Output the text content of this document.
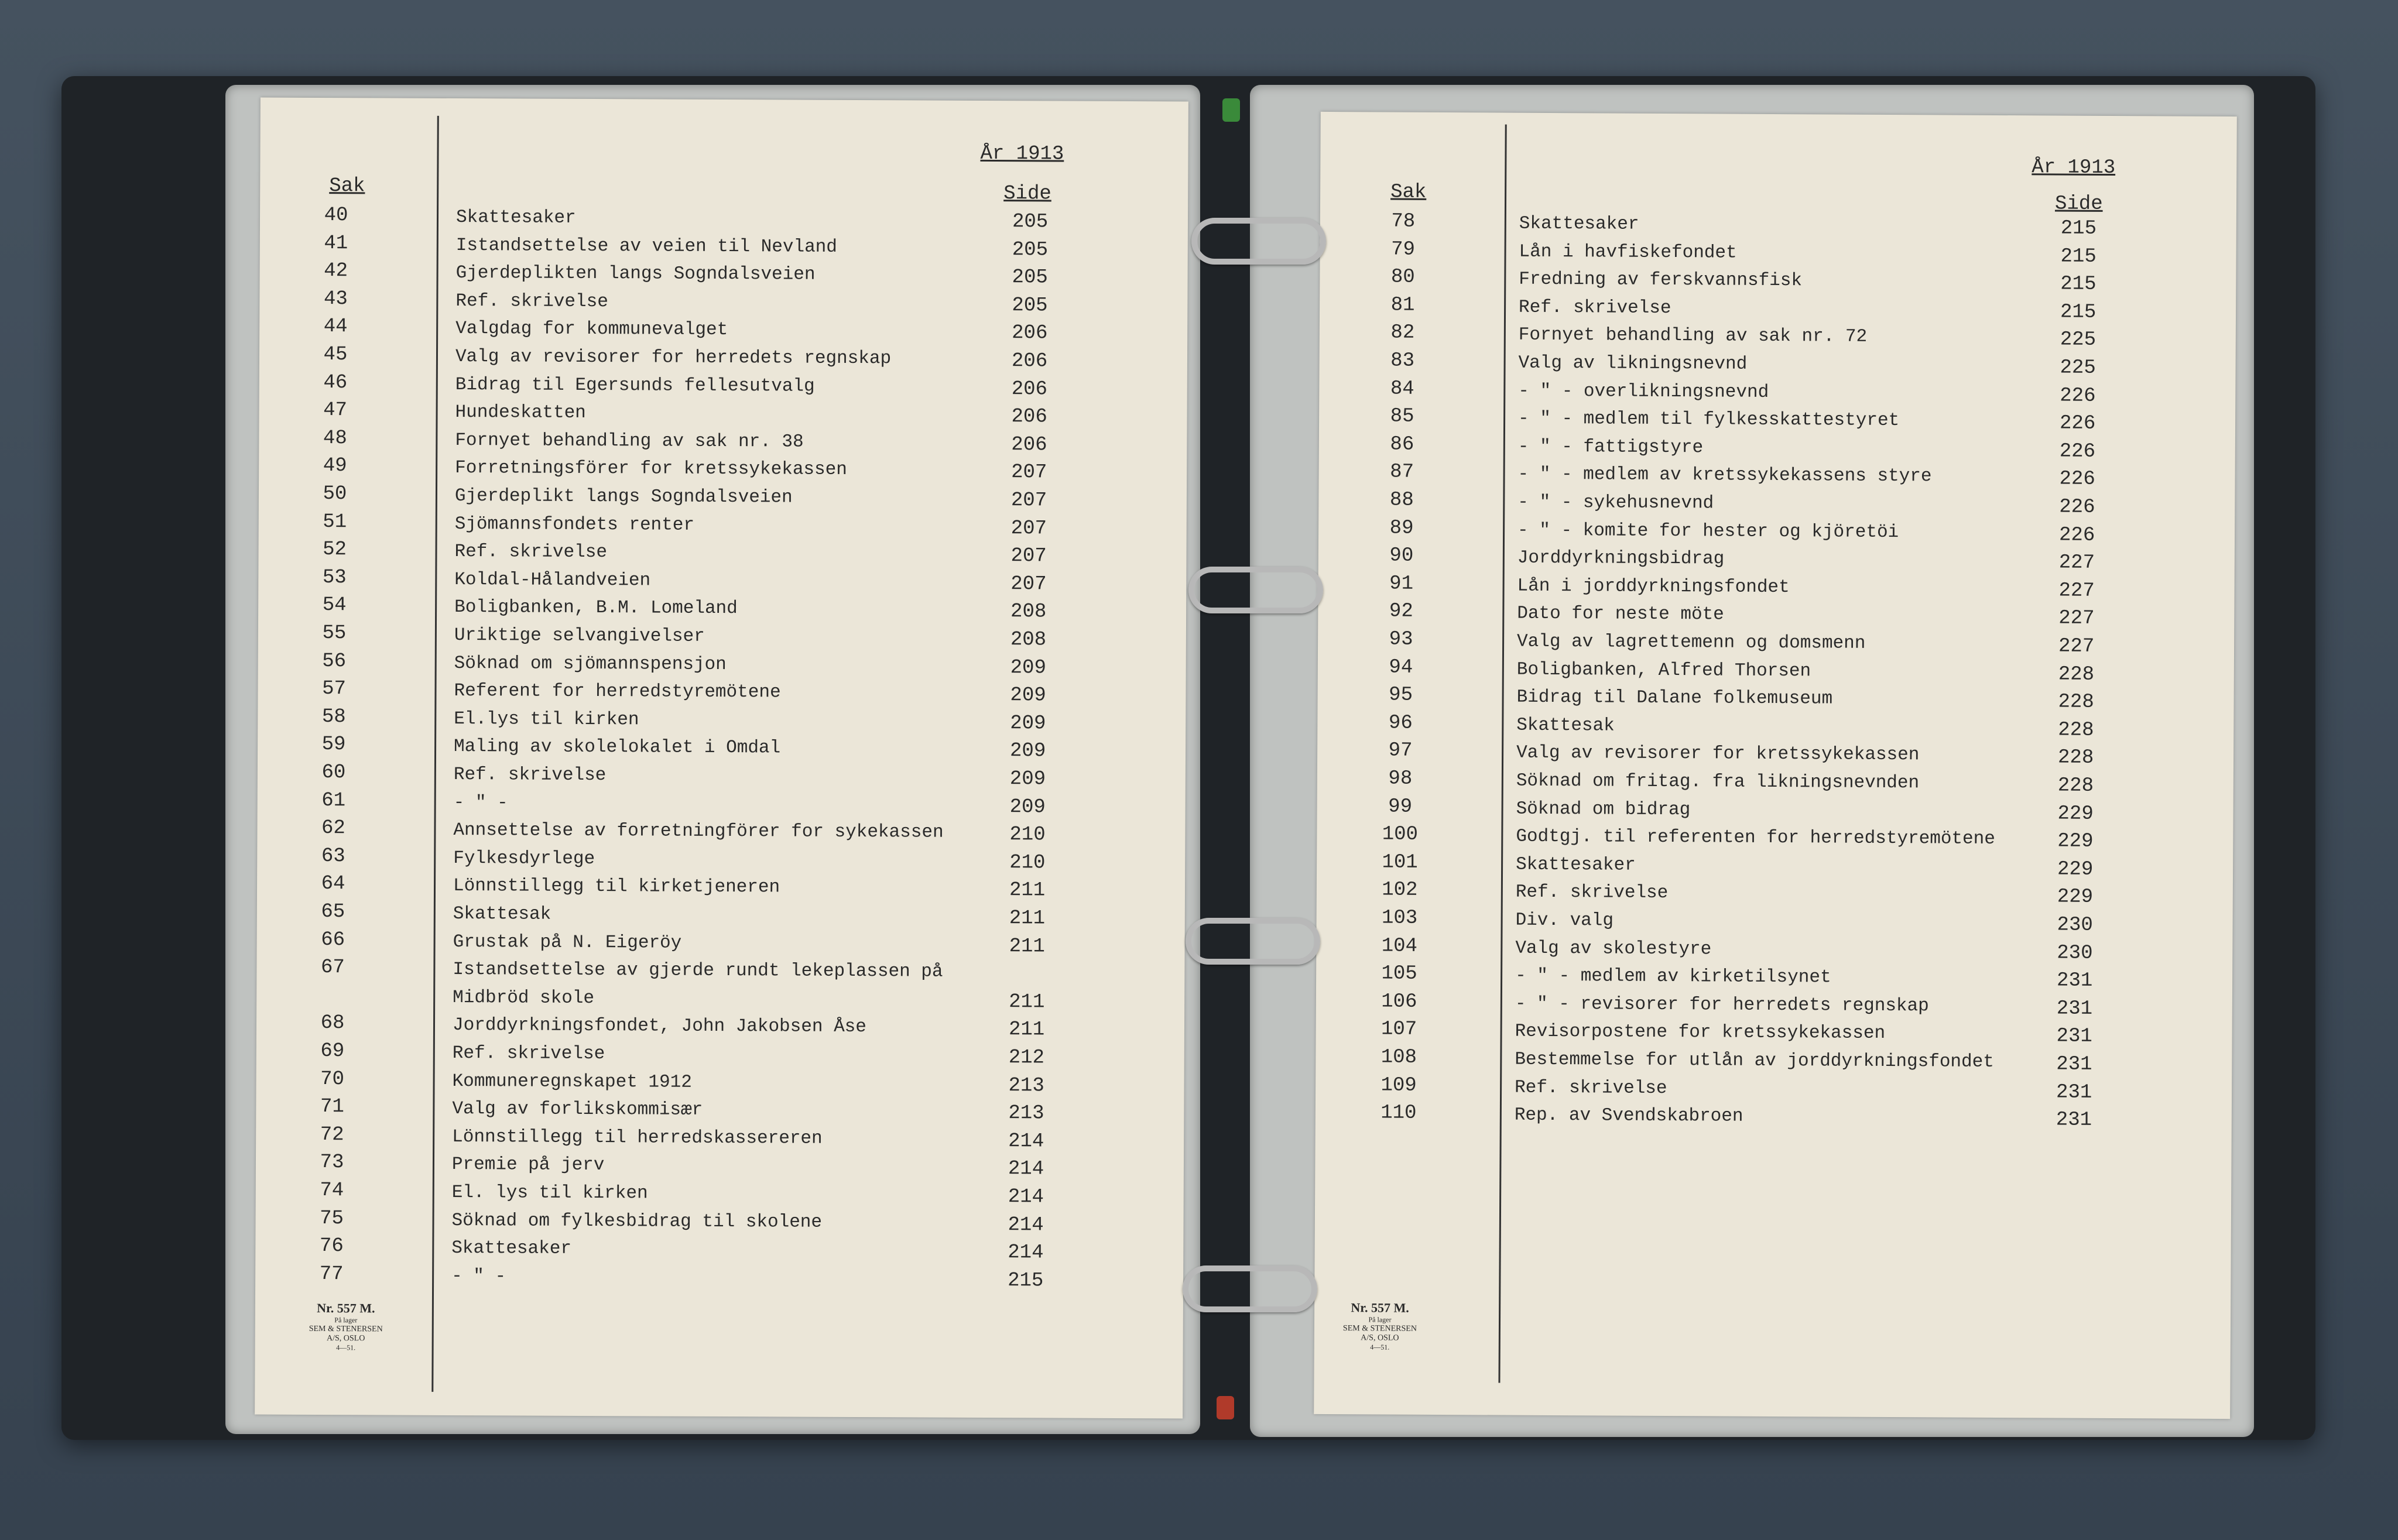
År 1913
Sak	Side
40	Skattesaker	205
41	Istandsettelse av veien til Nevland	205
42	Gjerdeplikten langs Sogndalsveien	205
43	Ref. skrivelse	205
44	Valgdag for kommunevalget	206
45	Valg av revisorer for herredets regnskap	206
46	Bidrag til Egersunds fellesutvalg	206
47	Hundeskatten	206
48	Fornyet behandling av sak nr. 38	206
49	Forretningsförer for kretssykekassen	207
50	Gjerdeplikt langs Sogndalsveien	207
51	Sjömannsfondets renter	207
52	Ref. skrivelse	207
53	Koldal-Hålandveien	207
54	Boligbanken, B.M. Lomeland	208
55	Uriktige selvangivelser	208
56	Söknad om sjömannspensjon	209
57	Referent for herredstyremötene	209
58	El.lys til kirken	209
59	Maling av skolelokalet i Omdal	209
60	Ref. skrivelse	209
61	- " -	209
62	Annsettelse av forretningförer for sykekassen	210
63	Fylkesdyrlege	210
64	Lönnstillegg til kirketjeneren	211
65	Skattesak	211
66	Grustak på N. Eigeröy	211
67	Istandsettelse av gjerde rundt lekeplassen på
Midbröd skole	211
68	Jorddyrkningsfondet, John Jakobsen Åse	211
69	Ref. skrivelse	212
70	Kommuneregnskapet 1912	213
71	Valg av forlikskommisær	213
72	Lönnstillegg til herredskassereren	214
73	Premie på jerv	214
74	El. lys til kirken	214
75	Söknad om fylkesbidrag til skolene	214
76	Skattesaker	214
77	- " -	215
Nr. 557 M.
På lager
SEM & STENERSEN A/S, OSLO
4—51.
År 1913
Sak
Side
78	Skattesaker	215
79	Lån i havfiskefondet	215
80	Fredning av ferskvannsfisk	215
81	Ref. skrivelse	215
82	Fornyet behandling av sak nr. 72	225
83	Valg av likningsnevnd	225
84	- " - overlikningsnevnd	226
85	- " - medlem til fylkesskattestyret	226
86	- " - fattigstyre	226
87	- " - medlem av kretssykekassens styre	226
88	- " - sykehusnevnd	226
89	- " - komite for hester og kjöretöi	226
90	Jorddyrkningsbidrag	227
91	Lån i jorddyrkningsfondet	227
92	Dato for neste möte	227
93	Valg av lagrettemenn og domsmenn	227
94	Boligbanken, Alfred Thorsen	228
95	Bidrag til Dalane folkemuseum	228
96	Skattesak	228
97	Valg av revisorer for kretssykekassen	228
98	Söknad om fritag. fra likningsnevnden	228
99	Söknad om bidrag	229
100	Godtgj. til referenten for herredstyremötene	229
101	Skattesaker	229
102	Ref. skrivelse	229
103	Div. valg	230
104	Valg av skolestyre	230
105	- " - medlem av kirketilsynet	231
106	- " - revisorer for herredets regnskap	231
107	Revisorpostene for kretssykekassen	231
108	Bestemmelse for utlån av jorddyrkningsfondet	231
109	Ref. skrivelse	231
110	Rep. av Svendskabroen	231
Nr. 557 M.
På lager
SEM & STENERSEN A/S, OSLO
4—51.
